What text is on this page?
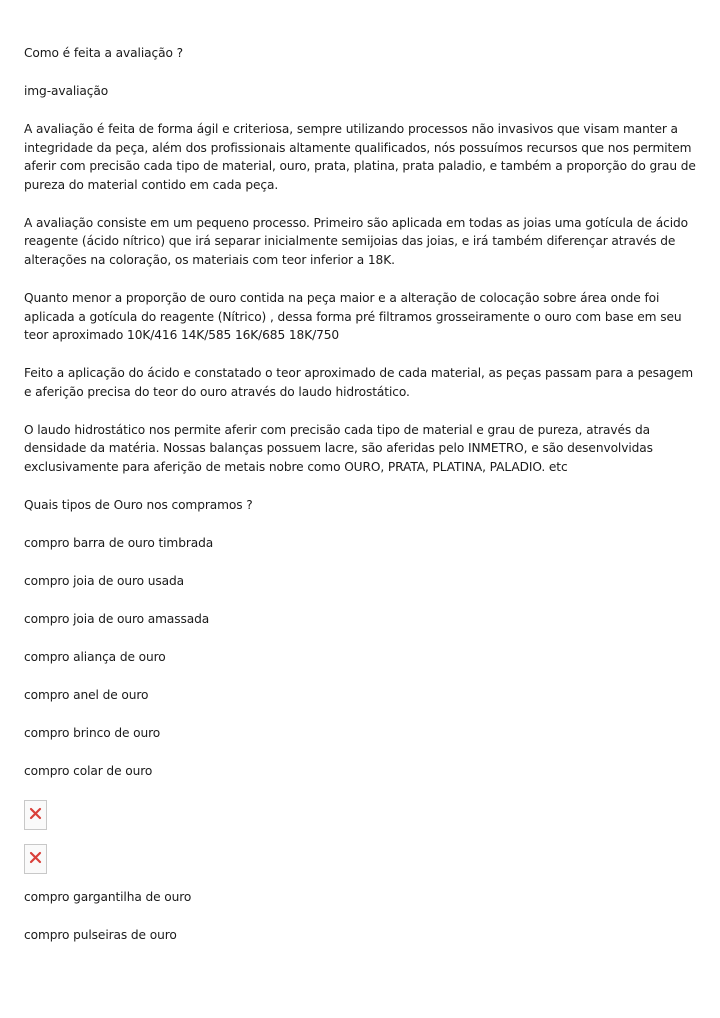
Como é feita a avaliação ?

img-avaliação

A avaliação é feita de forma ágil e criteriosa, sempre utilizando processos não invasivos que visam manter a integridade da peça, além dos profissionais altamente qualificados, nós possuímos recursos que nos permitem aferir com precisão cada tipo de material, ouro, prata, platina, prata paladio, e também a proporção do grau de pureza do material contido em cada peça.

A avaliação consiste em um pequeno processo. Primeiro são aplicada em todas as joias uma gotícula de ácido reagente (ácido nítrico) que irá separar inicialmente semijoias das joias, e irá também diferençar através de alterações na coloração, os materiais com teor inferior a 18K.

Quanto menor a proporção de ouro contida na peça maior e a alteração de colocação sobre área onde foi aplicada a gotícula do reagente (Nítrico) , dessa forma pré filtramos grosseiramente o ouro com base em seu teor aproximado 10K/416 14K/585 16K/685 18K/750

Feito a aplicação do ácido e constatado o teor aproximado de cada material, as peças passam para a pesagem e aferição precisa do teor do ouro através do laudo hidrostático.

O laudo hidrostático nos permite aferir com precisão cada tipo de material e grau de pureza, através da densidade da matéria. Nossas balanças possuem lacre, são aferidas pelo INMETRO, e são desenvolvidas exclusivamente para aferição de metais nobre como OURO, PRATA, PLATINA, PALADIO. etc

Quais tipos de Ouro nos compramos ?

compro barra de ouro timbrada

compro joia de ouro usada

compro joia de ouro amassada

compro aliança de ouro

compro anel de ouro

compro brinco de ouro

compro colar de ouro

compro gargantilha de ouro

compro pulseiras de ouro
